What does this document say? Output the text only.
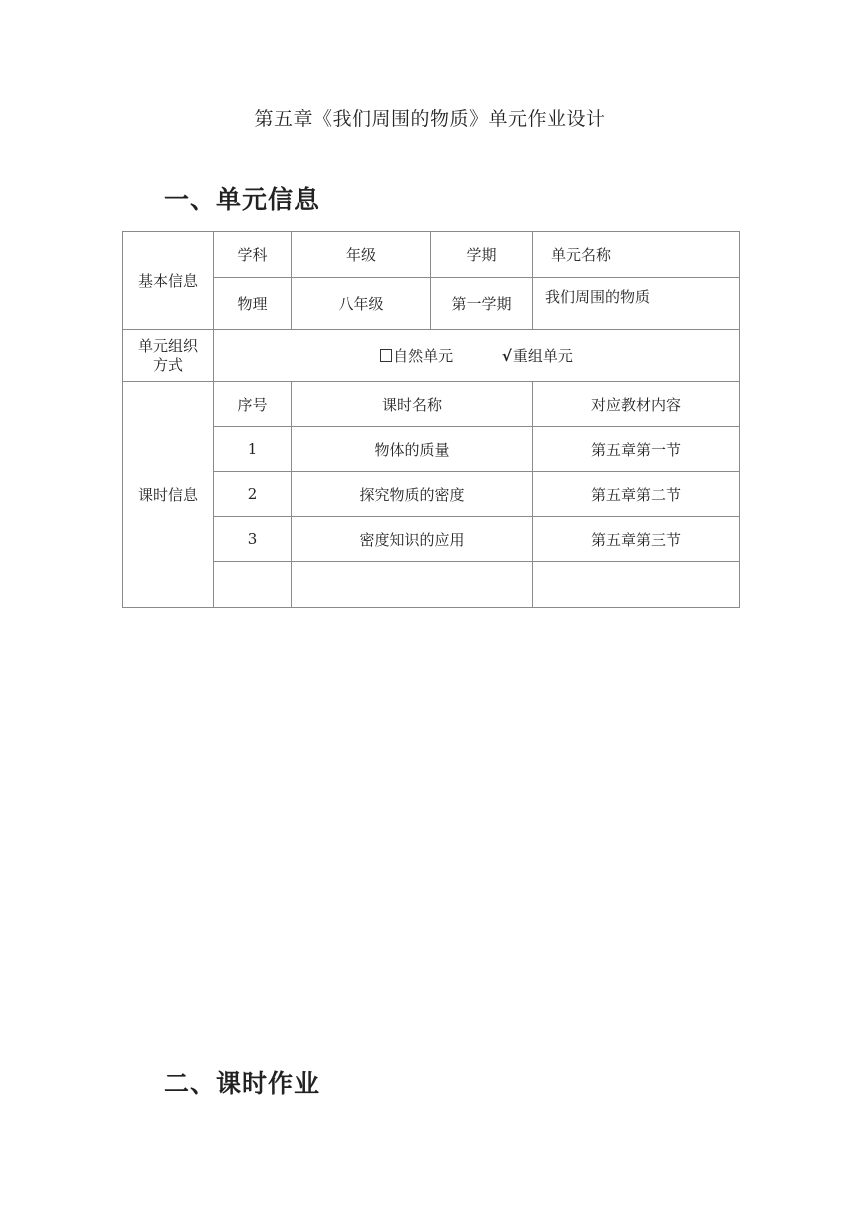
第五章《我们周围的物质》单元作业设计
一、单元信息
基本信息	学科	年级	学期	单元名称
	物理	八年级	第一学期	我们周围的物质
单元组织方式	自然单元 √重组单元			
课时信息	序号	课时名称		对应教材内容
	1	物体的质量		第五章第一节
	2	探究物质的密度		第五章第二节
	3	密度知识的应用		第五章第三节

二、课时作业
